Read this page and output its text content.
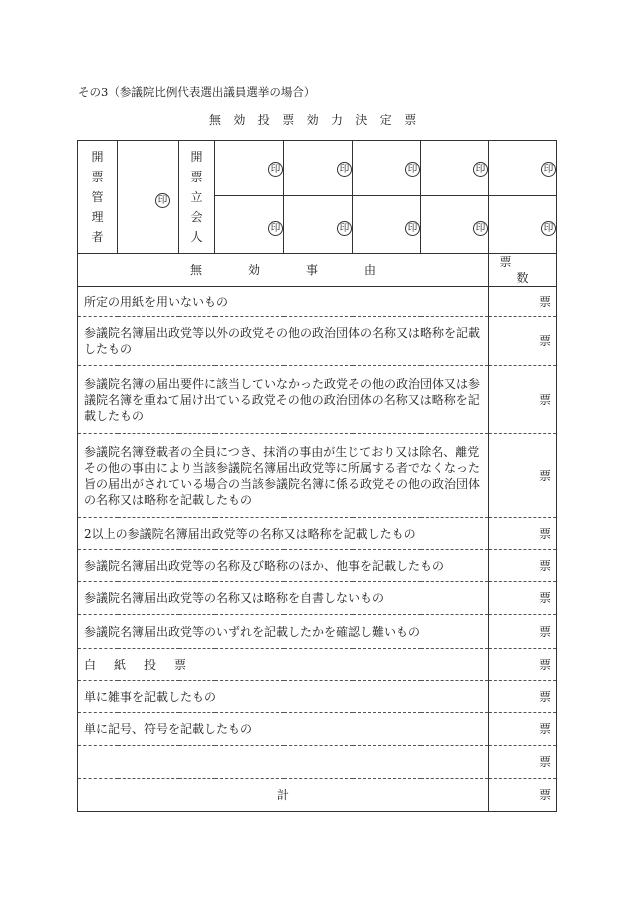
その3（参議院比例代表選出議員選挙の場合）
無効投票効力決定票
開票管理者	印	開票立会人	印	印	印	印	印
			印	印	印	印	印
無効事由							票数
所定の用紙を用いないもの							票
参議院名簿届出政党等以外の政党その他の政治団体の名称又は略称を記載したもの							票
参議院名簿の届出要件に該当していなかった政党その他の政治団体又は参議院名簿を重ねて届け出ている政党その他の政治団体の名称又は略称を記載したもの							票
参議院名簿登載者の全員につき、抹消の事由が生じており又は除名、離党その他の事由により当該参議院名簿届出政党等に所属する者でなくなった旨の届出がされている場合の当該参議院名簿に係る政党その他の政治団体の名称又は略称を記載したもの							票
2以上の参議院名簿届出政党等の名称又は略称を記載したもの							票
参議院名簿届出政党等の名称及び略称のほか、他事を記載したもの							票
参議院名簿届出政党等の名称又は略称を自書しないもの							票
参議院名簿届出政党等のいずれを記載したかを確認し難いもの							票
白紙投票							票
単に雑事を記載したもの							票
単に記号、符号を記載したもの							票
							票
計							票
